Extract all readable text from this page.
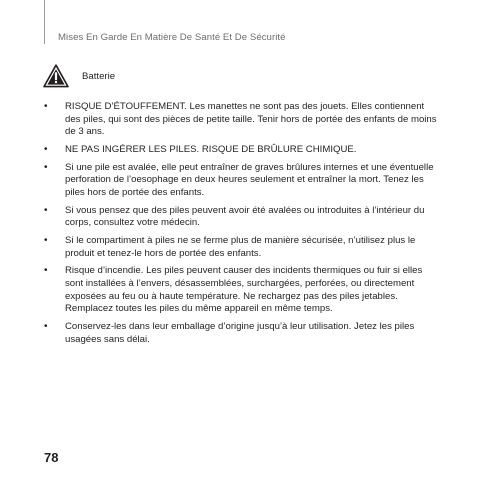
Mises En Garde En Matière De Santé Et De Sécurité
Batterie
•	RISQUE D’ÉTOUFFEMENT. Les manettes ne sont pas des jouets. Elles contiennent des piles, qui sont des pièces de petite taille. Tenir hors de portée des enfants de moins de 3 ans.
•	NE PAS INGÉRER LES PILES. RISQUE DE BRÛLURE CHIMIQUE.
•	Si une pile est avalée, elle peut entraîner de graves brûlures internes et une éventuelle perforation de l’oesophage en deux heures seulement et entraîner la mort. Tenez les piles hors de portée des enfants.
•	Si vous pensez que des piles peuvent avoir été avalées ou introduites à l’intérieur du corps, consultez votre médecin.
•	Si le compartiment à piles ne se ferme plus de manière sécurisée, n’utilisez plus le produit et tenez-le hors de portée des enfants.
•	Risque d’incendie. Les piles peuvent causer des incidents thermiques ou fuir si elles sont installées à l’envers, désassemblées, surchargées, perforées, ou directement exposées au feu ou à haute température. Ne rechargez pas des piles jetables. Remplacez toutes les piles du même appareil en même temps.
•	Conservez-les dans leur emballage d’origine jusqu’à leur utilisation. Jetez les piles usagées sans délai.
78
